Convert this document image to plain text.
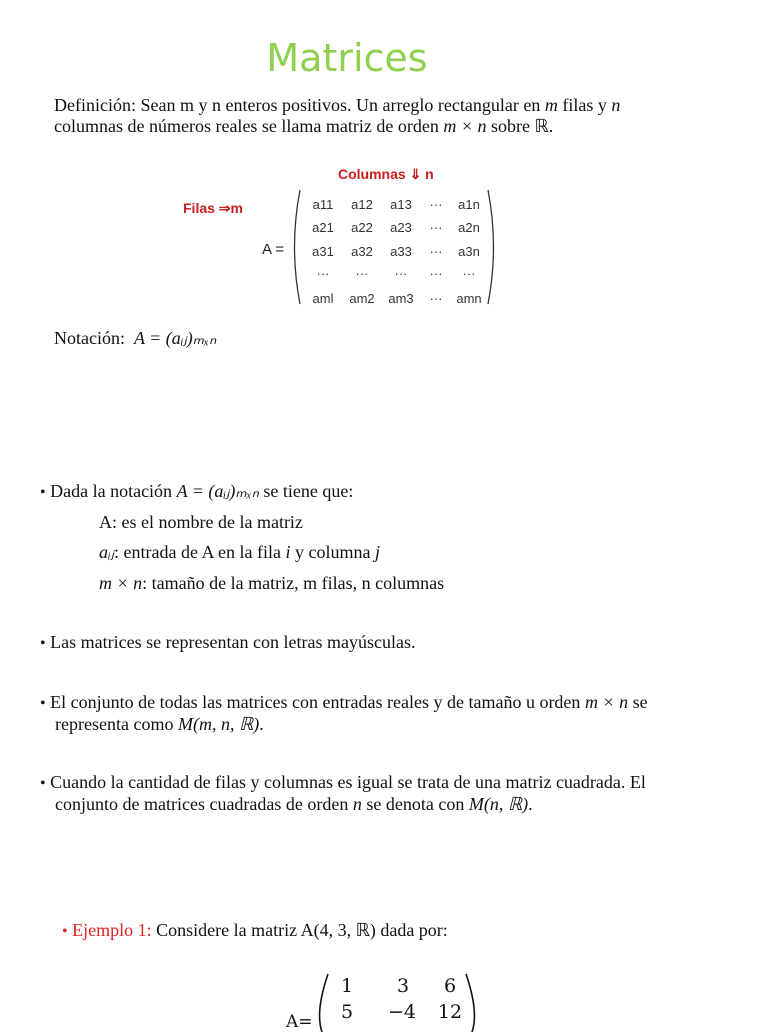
Matrices
Definición: Sean m y n enteros positivos. Un arreglo rectangular en m filas y n
columnas de números reales se llama matriz de orden m × n sobre ℝ.
Columnas ⇓ n
Filas ⇒m
A =
a11	a12	a13	···	a1n
a21	a22	a23	···	a2n
a31	a32	a33	···	a3n
···	···	···	···	···
aml	am2	am3	···	amn
Notación: A = (aᵢⱼ)ₘₓₙ
• Dada la notación A = (aᵢⱼ)ₘₓₙ se tiene que:
A: es el nombre de la matriz
aᵢⱼ: entrada de A en la fila i y columna j
m × n: tamaño de la matriz, m filas, n columnas
• Las matrices se representan con letras mayúsculas.
• El conjunto de todas las matrices con entradas reales y de tamaño u orden m × n se
representa como M(m, n, ℝ).
• Cuando la cantidad de filas y columnas es igual se trata de una matriz cuadrada. El
conjunto de matrices cuadradas de orden n se denota con M(n, ℝ).
• Ejemplo 1: Considere la matriz A(4, 3, ℝ) dada por:
A=
1	3	6
5	−4	12
